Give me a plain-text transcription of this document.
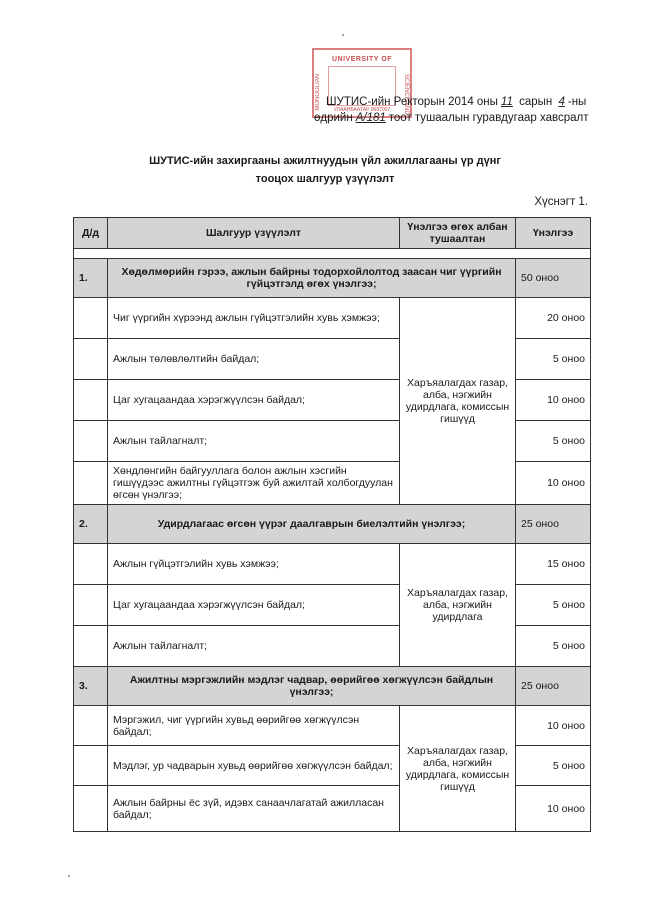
UNIVERSITY OF
MONGOLIAN	SCIENCE AND
УЛААНБААТАР 9687007
ШУТИС-ийн Ректорын 2014 оны 11 сарын 4 -ны
өдрийн А/181 тоот тушаалын гуравдугаар хавсралт
ШУТИС-ийн захиргааны ажилтнуудын үйл ажиллагааны үр дүнг
тооцох шалгуур үзүүлэлт
Хүснэгт 1.
Д/д	Шалгуур үзүүлэлт	Үнэлгээ өгөх албан тушаалтан	Үнэлгээ

1.	Хөдөлмөрийн гэрээ, ажлын байрны тодорхойлолтод заасан чиг үүргийн гүйцэтгэлд өгөх үнэлгээ;		50 оноо
	Чиг үүргийн хүрээнд ажлын гүйцэтгэлийн хувь хэмжээ;	Харъяалагдах газар, алба, нэгжийн удирдлага, комиссын гишүүд	20 оноо
	Ажлын төлөвлөлтийн байдал;		5 оноо
	Цаг хугацаандаа хэрэгжүүлсэн байдал;		10 оноо
	Ажлын тайлагналт;		5 оноо
	Хөндлөнгийн байгууллага болон ажлын хэсгийн гишүүдээс ажилтны гүйцэтгэж буй ажилтай холбогдуулан өгсөн үнэлгээ;		10 оноо
2.	Удирдлагаас өгсөн үүрэг даалгаврын биелэлтийн үнэлгээ;		25 оноо
	Ажлын гүйцэтгэлийн хувь хэмжээ;	Харъяалагдах газар, алба, нэгжийн удирдлага	15 оноо
	Цаг хугацаандаа хэрэгжүүлсэн байдал;		5 оноо
	Ажлын тайлагналт;		5 оноо
3.	Ажилтны мэргэжлийн мэдлэг чадвар, өөрийгөө хөгжүүлсэн байдлын үнэлгээ;		25 оноо
	Мэргэжил, чиг үүргийн хувьд өөрийгөө хөгжүүлсэн байдал;	Харъяалагдах газар, алба, нэгжийн удирдлага, комиссын гишүүд	10 оноо
	Мэдлэг, ур чадварын хувьд өөрийгөө хөгжүүлсэн байдал;		5 оноо
	Ажлын байрны ёс зүй, идэвх санаачлагатай ажилласан байдал;		10 оноо
